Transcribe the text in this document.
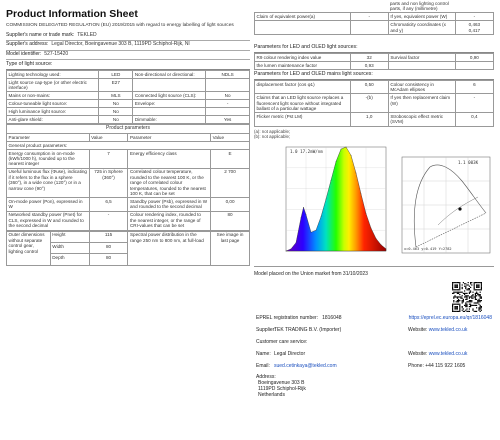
Product Information Sheet
COMMISSION DELEGATED REGULATION (EU) 2019/2015 with regard to energy labelling of light sources
Supplier's name or trade mark: TEKLED
Supplier's address: Legal Director, Boeingavenue 303 B, 1119PD Schiphol-Rijk, Nl
Model identifier: 527-15420
Type of light source:
Lighting technology used:	LED	Non-directional or directional:	NDLS
Light source cap-type (or other electric interface)	E27		
Mains or non-mains:	MLS	Connected light source (CLS):	No
Colour-tuneable light source:	No	Envelope:	-
High luminance light source:	No		
Anti-glare shield:	No	Dimmable:	Yes
Product parameters			
Parameter	Value	Parameter	Value
General product parameters:			
Energy consumption in on-mode (kWh/1000 h), rounded up to the nearest integer	7	Energy efficiency class	E
Useful luminous flux (Φuse), indicating if it refers to the flux in a sphere (360°), in a wide cone (120°) or in a narrow cone (90°)	725 in Sphere (360°)	Correlated colour temperature, rounded to the nearest 100 K, or the range of correlated colour temperatures, rounded to the nearest 100 K, that can be set	2 700
On-mode power (Pon), expressed in W	6,5	Standby power (Psb), expressed in W and rounded to the second decimal	0,00
Networked standby power (Pnet) for CLS, expressed in W and rounded to the second decimal	-	Colour rendering index, rounded to the nearest integer, or the range of CRI-values that can be set	80
Outer dimensions without separate control gear, lighting control	Height	115	Spectral power distribution in the range 250 nm to 800 nm, at full-load	See image in last page
	Width	80		
	Depth	80		
		parts and non lighting control parts, if any (millimetre)	
Claim of equivalent power(a)	-	If yes, equivalent power (W)	-
		Chromaticity coordinates (x and y)	0,463
0,417
Parameters for LED and OLED light sources:
R9 colour rendering index value	32	Survival factor	0,90
the lumen maintenance factor	0,93		
Parameters for LED and OLED mains light sources:
displacement factor (cos φ1)	0,50	Colour consistency in McAdam ellipses	6
Claims that an LED light source replaces a fluorescent light source without integrated ballast of a particular wattage	-(b)	If yes then replacement claim (W)	-
Flicker metric (Pst LM)	1,0	Stroboscopic effect metric (SVM)	0,4
(a): not applicable;
(b): not applicable;
1.0 17.2mW/nm
1.1 003K
x=0.463 y=0.419 Y=2782
Model placed on the Union market from 31/10/2023
EPREL registration number: 1816048	https://eprel.ec.europa.eu/qr/1816048
Supplier:
TEK TRADING B.V. (Importer)	Website: www.tekled.co.uk
Customer care service:
Name: Legal Director	Website: www.tekled.co.uk
Email: sued.cetinkaya@tekled.com	Phone: +44 115 922 1605
Address:
Boeingavenue 303 B
1119PD Schiphol-Rijk
Netherlands
